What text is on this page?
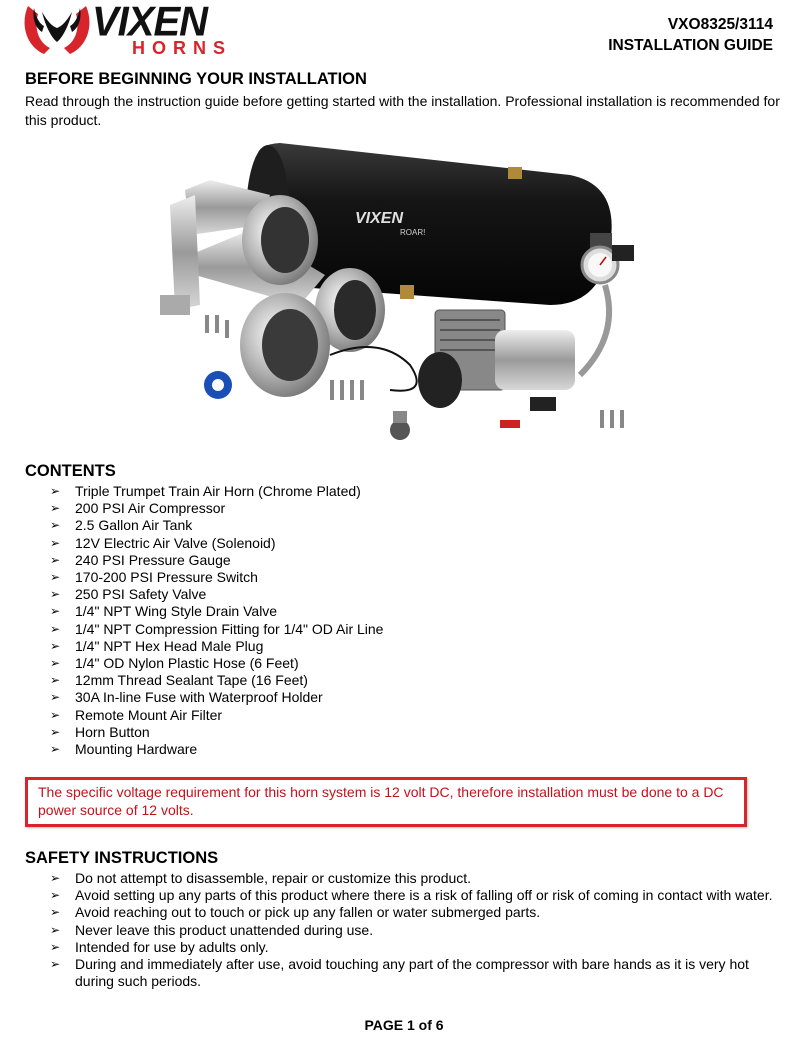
VIXEN
HORNS
VXO8325/3114
INSTALLATION GUIDE
BEFORE BEGINNING YOUR INSTALLATION
Read through the instruction guide before getting started with the installation. Professional installation is recommended for this product.
VIXEN
ROAR!
CONTENTS
➢ Triple Trumpet Train Air Horn (Chrome Plated)
➢ 200 PSI Air Compressor
➢ 2.5 Gallon Air Tank
➢ 12V Electric Air Valve (Solenoid)
➢ 240 PSI Pressure Gauge
➢ 170-200 PSI Pressure Switch
➢ 250 PSI Safety Valve
➢ 1/4" NPT Wing Style Drain Valve
➢ 1/4" NPT Compression Fitting for 1/4" OD Air Line
➢ 1/4" NPT Hex Head Male Plug
➢ 1/4" OD Nylon Plastic Hose (6 Feet)
➢ 12mm Thread Sealant Tape (16 Feet)
➢ 30A In-line Fuse with Waterproof Holder
➢ Remote Mount Air Filter
➢ Horn Button
➢ Mounting Hardware
The specific voltage requirement for this horn system is 12 volt DC, therefore installation must be done to a DC power source of 12 volts.
SAFETY INSTRUCTIONS
➢ Do not attempt to disassemble, repair or customize this product.
➢ Avoid setting up any parts of this product where there is a risk of falling off or risk of coming in contact with water.
➢ Avoid reaching out to touch or pick up any fallen or water submerged parts.
➢ Never leave this product unattended during use.
➢ Intended for use by adults only.
➢ During and immediately after use, avoid touching any part of the compressor with bare hands as it is very hot during such periods.
PAGE 1 of 6
